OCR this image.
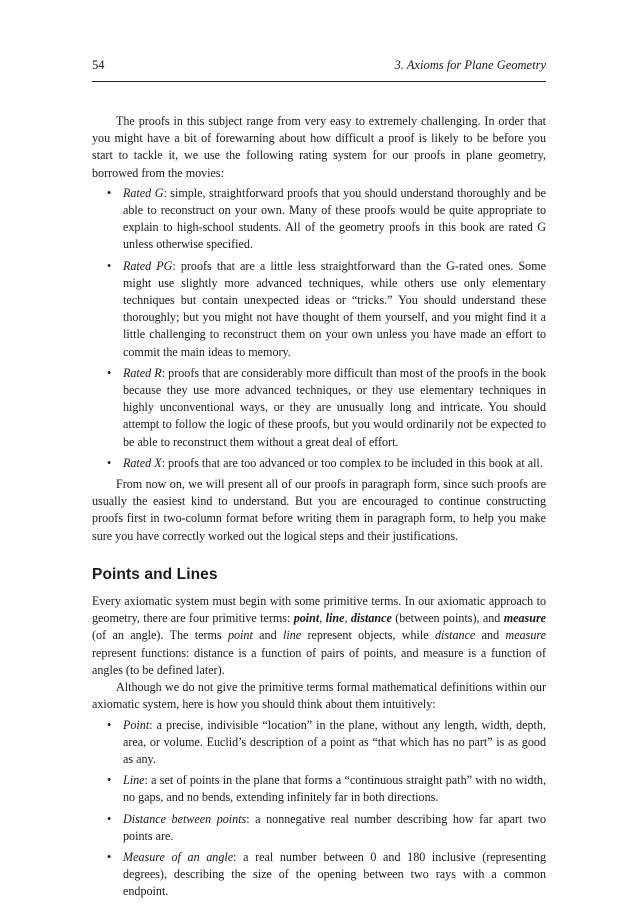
54	3. Axioms for Plane Geometry

The proofs in this subject range from very easy to extremely challenging. In order that you might have a bit of forewarning about how difficult a proof is likely to be before you start to tackle it, we use the following rating system for our proofs in plane geometry, borrowed from the movies:

• Rated G: simple, straightforward proofs that you should understand thoroughly and be able to reconstruct on your own. Many of these proofs would be quite appropriate to explain to high-school students. All of the geometry proofs in this book are rated G unless otherwise specified.
• Rated PG: proofs that are a little less straightforward than the G-rated ones. Some might use slightly more advanced techniques, while others use only elementary techniques but contain unexpected ideas or “tricks.” You should understand these thoroughly; but you might not have thought of them yourself, and you might find it a little challenging to reconstruct them on your own unless you have made an effort to commit the main ideas to memory.
• Rated R: proofs that are considerably more difficult than most of the proofs in the book because they use more advanced techniques, or they use elementary techniques in highly unconventional ways, or they are unusually long and intricate. You should attempt to follow the logic of these proofs, but you would ordinarily not be expected to be able to reconstruct them without a great deal of effort.
• Rated X: proofs that are too advanced or too complex to be included in this book at all.

From now on, we will present all of our proofs in paragraph form, since such proofs are usually the easiest kind to understand. But you are encouraged to continue constructing proofs first in two-column format before writing them in paragraph form, to help you make sure you have correctly worked out the logical steps and their justifications.

Points and Lines

Every axiomatic system must begin with some primitive terms. In our axiomatic approach to geometry, there are four primitive terms: point, line, distance (between points), and measure (of an angle). The terms point and line represent objects, while distance and measure represent functions: distance is a function of pairs of points, and measure is a function of angles (to be defined later).

Although we do not give the primitive terms formal mathematical definitions within our axiomatic system, here is how you should think about them intuitively:

• Point: a precise, indivisible “location” in the plane, without any length, width, depth, area, or volume. Euclid’s description of a point as “that which has no part” is as good as any.
• Line: a set of points in the plane that forms a “continuous straight path” with no width, no gaps, and no bends, extending infinitely far in both directions.
• Distance between points: a nonnegative real number describing how far apart two points are.
• Measure of an angle: a real number between 0 and 180 inclusive (representing degrees), describing the size of the opening between two rays with a common endpoint.
